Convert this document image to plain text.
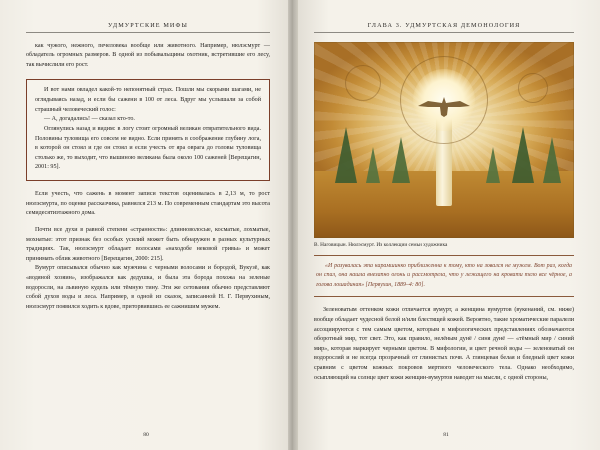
УДМУРТСКИЕ МИФЫ

как чужого, нежного, печеловека вообще или животного. Например, нюлэсмурт — обладатель огромных размеров. В одной из побывальщины охотник, встретившие его лесу, так вычислили его рост.

И вот нами овладел какой-то непонятный страх. Пошли мы скорыми шагами, не оглядываясь назад, и если бы сажени в 100 от леса. Вдруг мы услышали за собой страшный человеческий голос:

— А, догадались! — сказал кто-то.

Оглянулись назад и видим: в логу стоит огромный великан отвратительного вида. Половины туловища его совсем не видно. Если принять в соображение глубину лога, в которой он стоял и где он стоял и если учесть от яра оврага до головы туловища столько же, то выходит, что вышиною великана была около 100 саженей [Верещагин, 2001: 95].

Если учесть, что сажень в момент записи текстов оценивалась в 2,13 м, то рост нюлэсмурта, по оценке рассказчика, равнялся 213 м. По современным стандартам это высота семидесятиэтажного дома.

Почти все духи в равной степени «странности»: длинноволосые, косматые, лохматые, мохнатые: этот признак без особых усилий может быть обнаружен в разных культурных традициях. Так, нюлэсмурт обладает волосами «находобе нековой гривы» и может принимать облик животного [Верещагин, 2000: 215].

Вумурт описывался обычно как мужчина с черными волосами и бородой, Вукузё, как «водяной хозяин», изображался как дедушка, и была эта борода похожа на зеленые водоросли, на львиную кудель или тёмную тину. Эти же сетования обычно представляют собой духов воды и леса. Например, в одной из сказок, записанной Н. Г. Первухиным, нюлэсмурт появился ходить к вдове, приторвившись ее сажнишим мужем.

80
ГЛАВА 3. УДМУРТСКАЯ ДЕМОНОЛОГИЯ
В. Наговицын. Нюлэсмурт. Из коллекции семьи художника

«И разувалась эта карамшинко приближенна к тому, кто на зовался не мужем. Вот раз, когда он спал, она нашла внезапно огонь и рассмотрела, что у лежащего на кровати тело все чёрное, а голова лошадиная» [Первухин, 1889–4: 80].

Зеленоватым оттенком кожи отличается вумурт, а женщина вумуртов (вукенаний, см. ниже) вообще обладает чудесной белой и/или блестящей кожей. Вероятно, такие хроматические паралели ассоциируются с тем самым цветом, которым в мифологических представлениях обозначаются оборотный мир, тот свет. Это, как правило, нелёным дунё / синя дунё — «тёмный мир / синий мир», которая маркирует черными цветом. В мифологии, и цвет речной воды — зеленоватый он водоросляй и не всегда прозрачный от глинистых почв. А глянцевая белая и бледный цвет кожи сравним с цветом кожных покровов мертвого человеческого тела. Однако необходимо, осыпляющий на солнце цвет кожи женщин-вумуртов наводит на мысли, с одной стороны,

81
